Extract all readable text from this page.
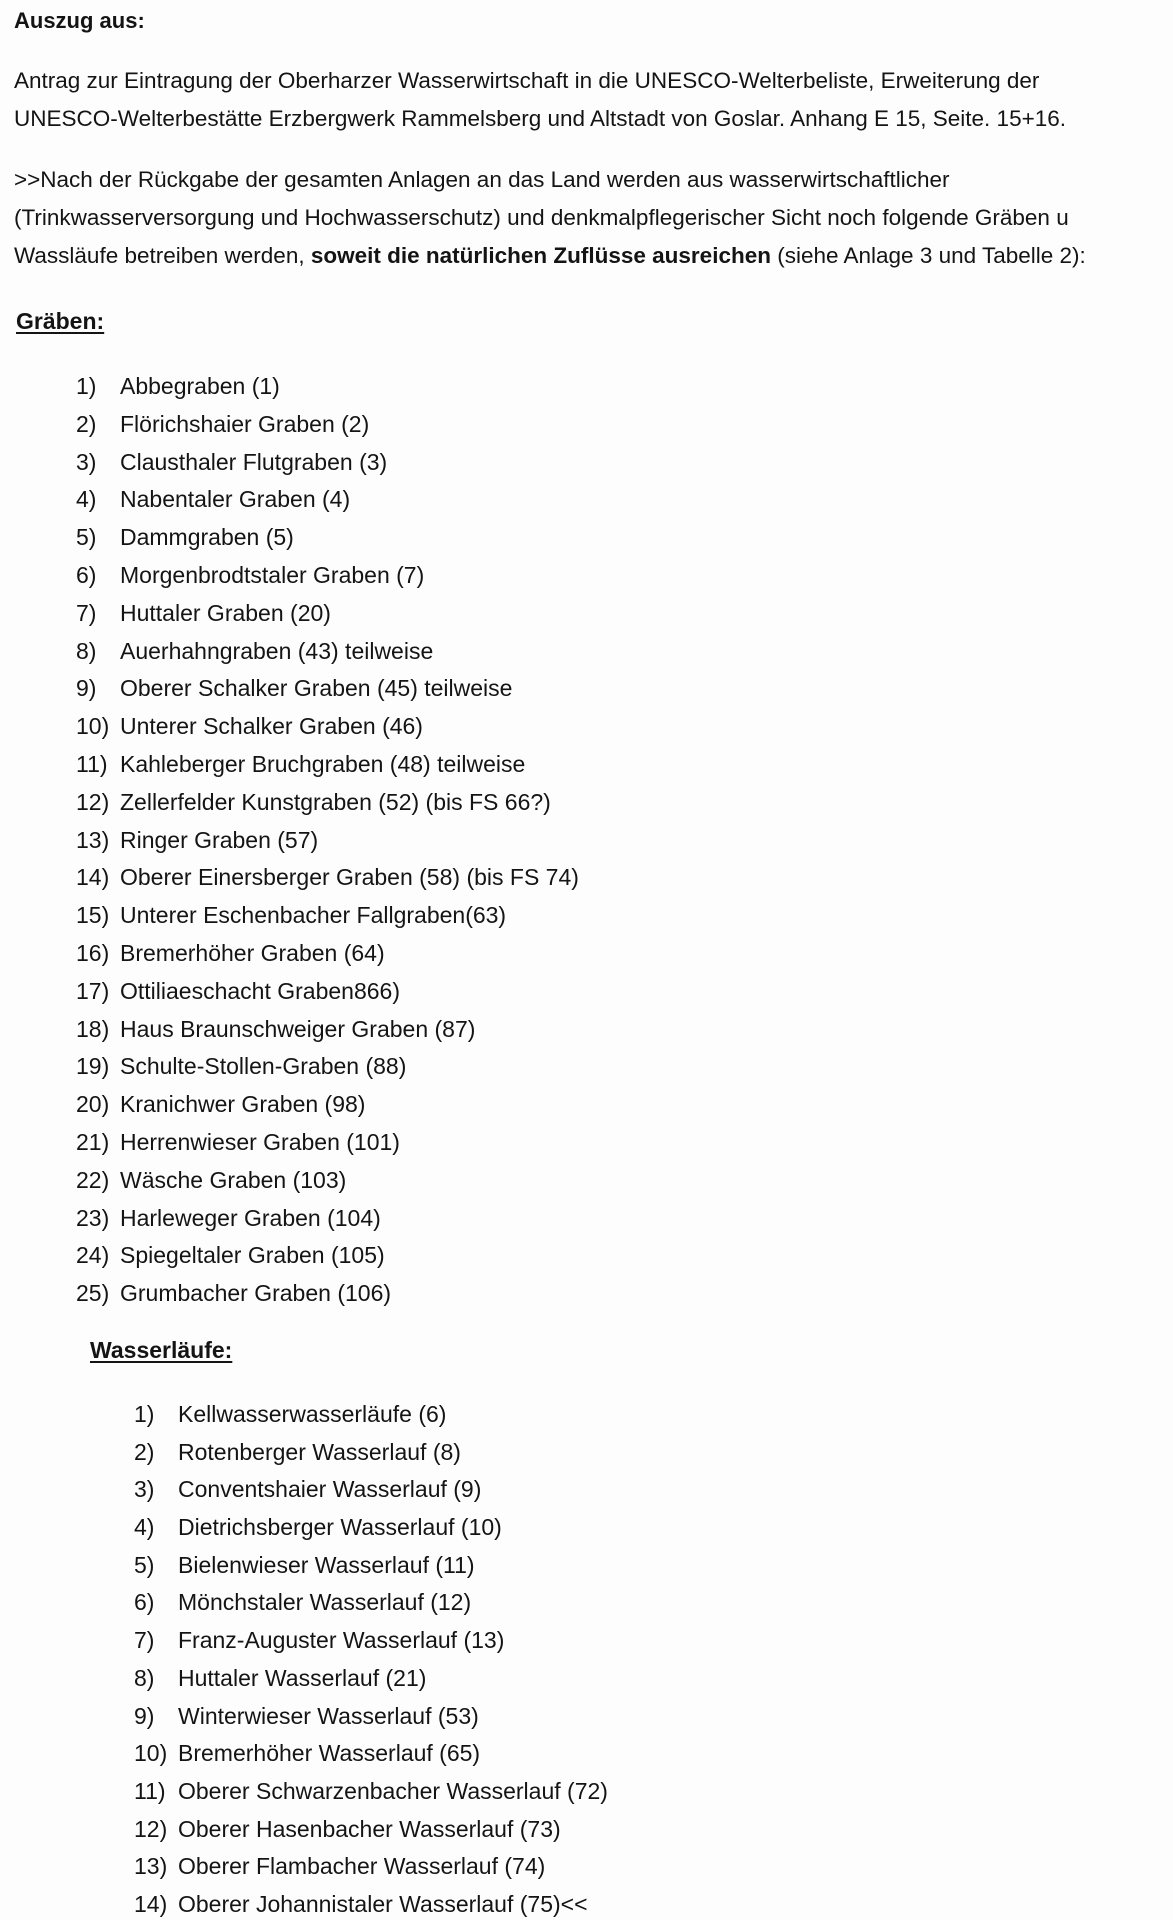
Auszug aus:
Antrag zur Eintragung der Oberharzer Wasserwirtschaft in die UNESCO-Welterbeliste, Erweiterung der
UNESCO-Welterbestätte Erzbergwerk Rammelsberg und Altstadt von Goslar. Anhang E 15, Seite. 15+16.
>>Nach der Rückgabe der gesamten Anlagen an das Land werden aus wasserwirtschaftlicher
(Trinkwasserversorgung und Hochwasserschutz) und denkmalpflegerischer Sicht noch folgende Gräben u
Wassläufe betreiben werden, soweit die natürlichen Zuflüsse ausreichen (siehe Anlage 3 und Tabelle 2):
Gräben:
1) Abbegraben (1)
2) Flörichshaier Graben (2)
3) Clausthaler Flutgraben (3)
4) Nabentaler Graben (4)
5) Dammgraben (5)
6) Morgenbrodtstaler Graben (7)
7) Huttaler Graben (20)
8) Auerhahngraben (43) teilweise
9) Oberer Schalker Graben (45) teilweise
10) Unterer Schalker Graben (46)
11) Kahleberger Bruchgraben (48) teilweise
12) Zellerfelder Kunstgraben (52) (bis FS 66?)
13) Ringer Graben (57)
14) Oberer Einersberger Graben (58) (bis FS 74)
15) Unterer Eschenbacher Fallgraben(63)
16) Bremerhöher Graben (64)
17) Ottiliaeschacht Graben866)
18) Haus Braunschweiger Graben (87)
19) Schulte-Stollen-Graben (88)
20) Kranichwer Graben (98)
21) Herrenwieser Graben (101)
22) Wäsche Graben (103)
23) Harleweger Graben (104)
24) Spiegeltaler Graben (105)
25) Grumbacher Graben (106)
Wasserläufe:
1) Kellwasserwasserläufe (6)
2) Rotenberger Wasserlauf (8)
3) Conventshaier Wasserlauf (9)
4) Dietrichsberger Wasserlauf (10)
5) Bielenwieser Wasserlauf (11)
6) Mönchstaler Wasserlauf (12)
7) Franz-Auguster Wasserlauf (13)
8) Huttaler Wasserlauf (21)
9) Winterwieser Wasserlauf (53)
10) Bremerhöher Wasserlauf (65)
11) Oberer Schwarzenbacher Wasserlauf (72)
12) Oberer Hasenbacher Wasserlauf (73)
13) Oberer Flambacher Wasserlauf (74)
14) Oberer Johannistaler Wasserlauf (75)<<
